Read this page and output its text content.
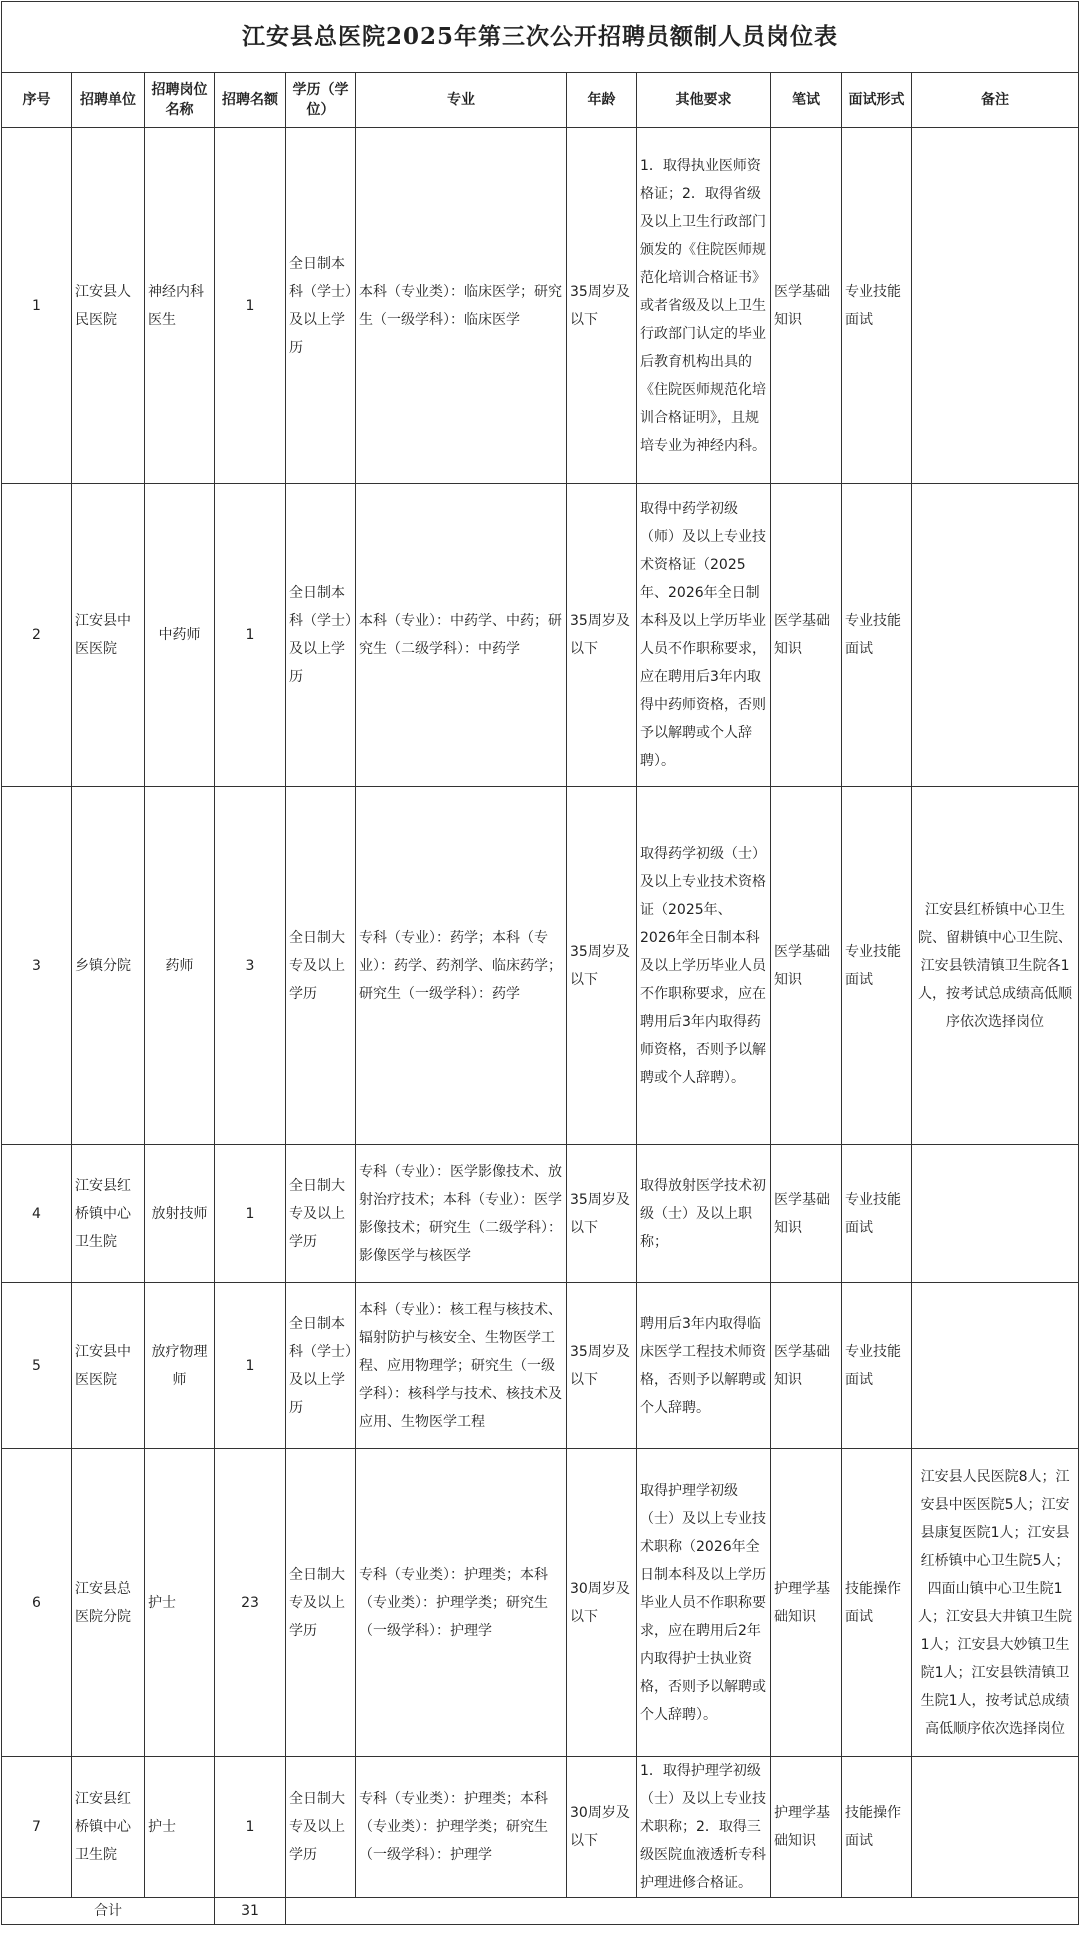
江安县总医院2025年第三次公开招聘员额制人员岗位表										
序号	招聘单位	招聘岗位名称	招聘名额	学历（学位）	专业	年龄	其他要求	笔试	面试形式	备注
1	江安县人民医院	神经内科医生	1	全日制本科（学士）及以上学历	本科（专业类）：临床医学；研究生（一级学科）：临床医学	35周岁及以下	1．取得执业医师资格证；2．取得省级及以上卫生行政部门颁发的《住院医师规范化培训合格证书》或者省级及以上卫生行政部门认定的毕业后教育机构出具的《住院医师规范化培训合格证明》，且规培专业为神经内科。	医学基础知识	专业技能面试	
2	江安县中医医院	中药师	1	全日制本科（学士）及以上学历	本科（专业）：中药学、中药；研究生（二级学科）：中药学	35周岁及以下	取得中药学初级（师）及以上专业技术资格证（2025年、2026年全日制本科及以上学历毕业人员不作职称要求，应在聘用后3年内取得中药师资格，否则予以解聘或个人辞聘）。	医学基础知识	专业技能面试	
3	乡镇分院	药师	3	全日制大专及以上学历	专科（专业）：药学；本科（专业）：药学、药剂学、临床药学；研究生（一级学科）：药学	35周岁及以下	取得药学初级（士）及以上专业技术资格证（2025年、2026年全日制本科及以上学历毕业人员不作职称要求，应在聘用后3年内取得药师资格，否则予以解聘或个人辞聘）。	医学基础知识	专业技能面试	江安县红桥镇中心卫生院、留耕镇中心卫生院、江安县铁清镇卫生院各1人，按考试总成绩高低顺序依次选择岗位
4	江安县红桥镇中心卫生院	放射技师	1	全日制大专及以上学历	专科（专业）：医学影像技术、放射治疗技术；本科（专业）：医学影像技术；研究生（二级学科）：影像医学与核医学	35周岁及以下	取得放射医学技术初级（士）及以上职称；	医学基础知识	专业技能面试	
5	江安县中医医院	放疗物理师	1	全日制本科（学士）及以上学历	本科（专业）：核工程与核技术、辐射防护与核安全、生物医学工程、应用物理学；研究生（一级学科）：核科学与技术、核技术及应用、生物医学工程	35周岁及以下	聘用后3年内取得临床医学工程技术师资格，否则予以解聘或个人辞聘。	医学基础知识	专业技能面试	
6	江安县总医院分院	护士	23	全日制大专及以上学历	专科（专业类）：护理类；本科（专业类）：护理学类；研究生（一级学科）：护理学	30周岁及以下	取得护理学初级（士）及以上专业技术职称（2026年全日制本科及以上学历毕业人员不作职称要求，应在聘用后2年内取得护士执业资格，否则予以解聘或个人辞聘）。	护理学基础知识	技能操作面试	江安县人民医院8人；江安县中医医院5人；江安县康复医院1人；江安县红桥镇中心卫生院5人；四面山镇中心卫生院1人；江安县大井镇卫生院1人；江安县大妙镇卫生院1人；江安县铁清镇卫生院1人，按考试总成绩高低顺序依次选择岗位
7	江安县红桥镇中心卫生院	护士	1	全日制大专及以上学历	专科（专业类）：护理类；本科（专业类）：护理学类；研究生（一级学科）：护理学	30周岁及以下	1．取得护理学初级（士）及以上专业技术职称；2．取得三级医院血液透析专科护理进修合格证。	护理学基础知识	技能操作面试	
合计			31							
